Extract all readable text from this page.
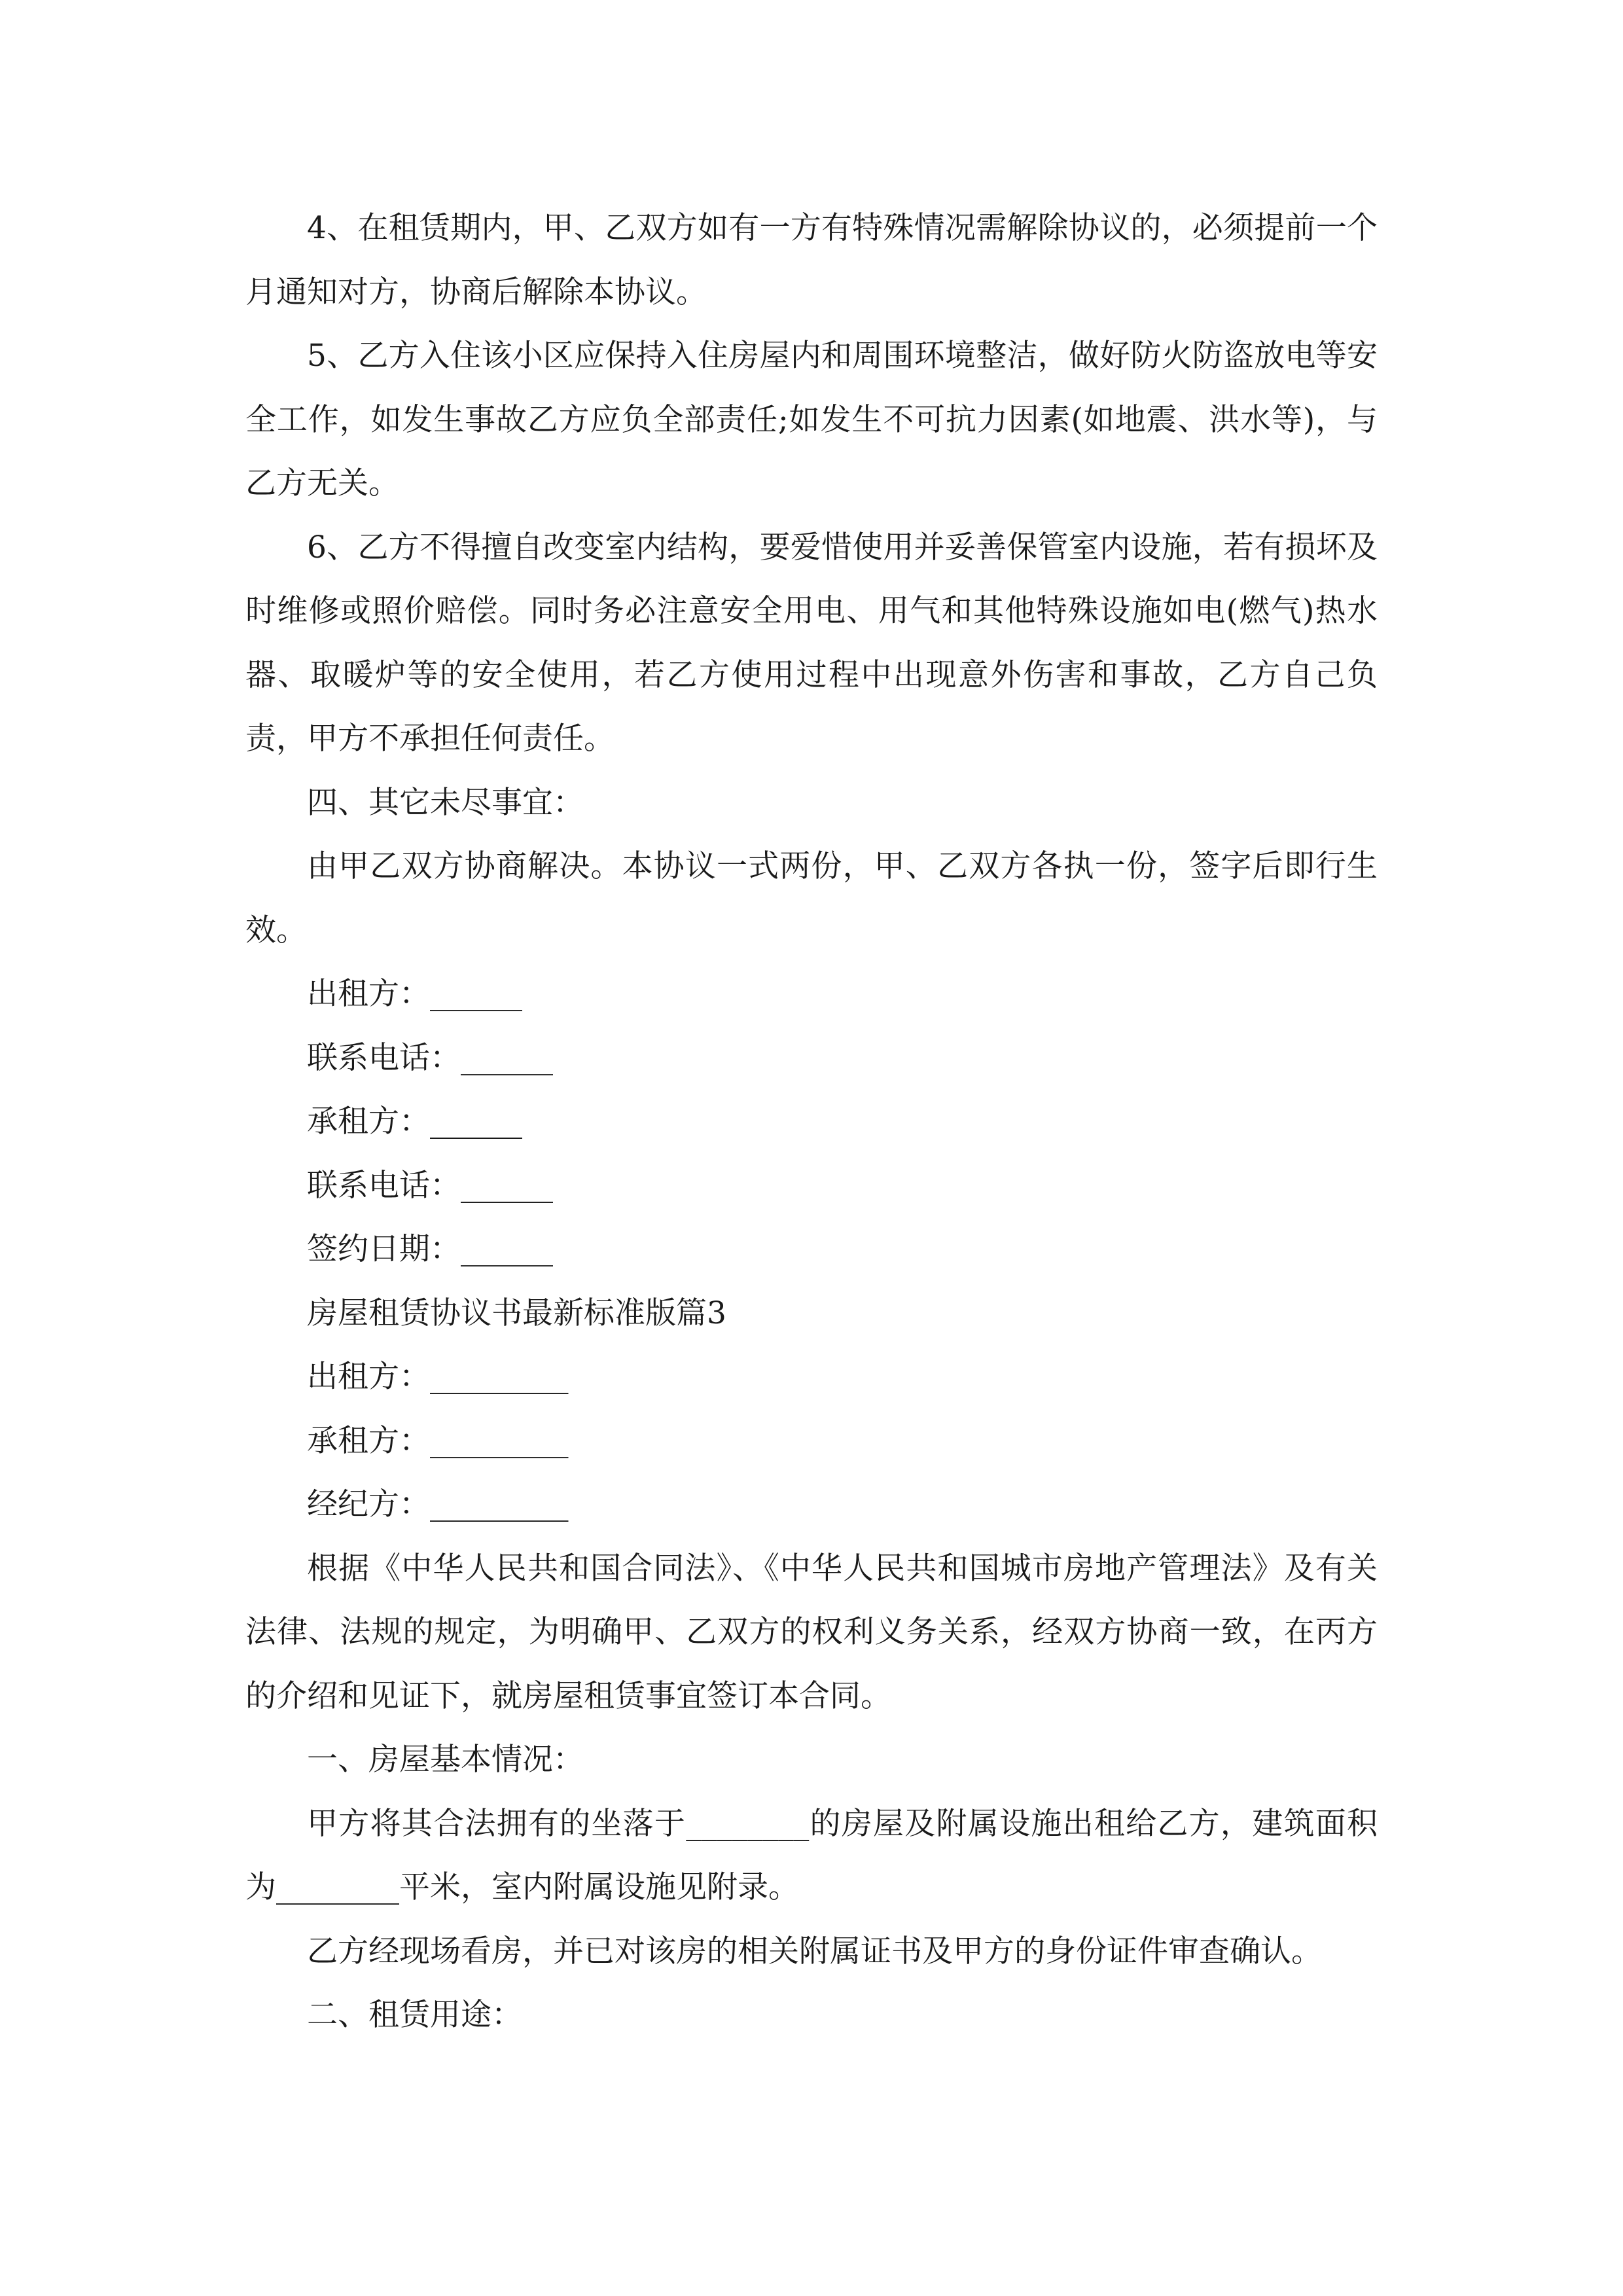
4、在租赁期内，甲、乙双方如有一方有特殊情况需解除协议的，必须提前一个月通知对方，协商后解除本协议。

5、乙方入住该小区应保持入住房屋内和周围环境整洁，做好防火防盗放电等安全工作，如发生事故乙方应负全部责任;如发生不可抗力因素(如地震、洪水等)，与乙方无关。

6、乙方不得擅自改变室内结构，要爱惜使用并妥善保管室内设施，若有损坏及时维修或照价赔偿。同时务必注意安全用电、用气和其他特殊设施如电(燃气)热水器、取暖炉等的安全使用，若乙方使用过程中出现意外伤害和事故，乙方自己负责，甲方不承担任何责任。

四、其它未尽事宜：

由甲乙双方协商解决。本协议一式两份，甲、乙双方各执一份，签字后即行生效。

出租方：______

联系电话：______

承租方：______

联系电话：______

签约日期：______

房屋租赁协议书最新标准版篇3

出租方：_________

承租方：_________

经纪方：_________

根据《中华人民共和国合同法》、《中华人民共和国城市房地产管理法》及有关法律、法规的规定，为明确甲、乙双方的权利义务关系，经双方协商一致，在丙方的介绍和见证下，就房屋租赁事宜签订本合同。

一、房屋基本情况：

甲方将其合法拥有的坐落于________的房屋及附属设施出租给乙方，建筑面积为________平米，室内附属设施见附录。

乙方经现场看房，并已对该房的相关附属证书及甲方的身份证件审查确认。

二、租赁用途：
